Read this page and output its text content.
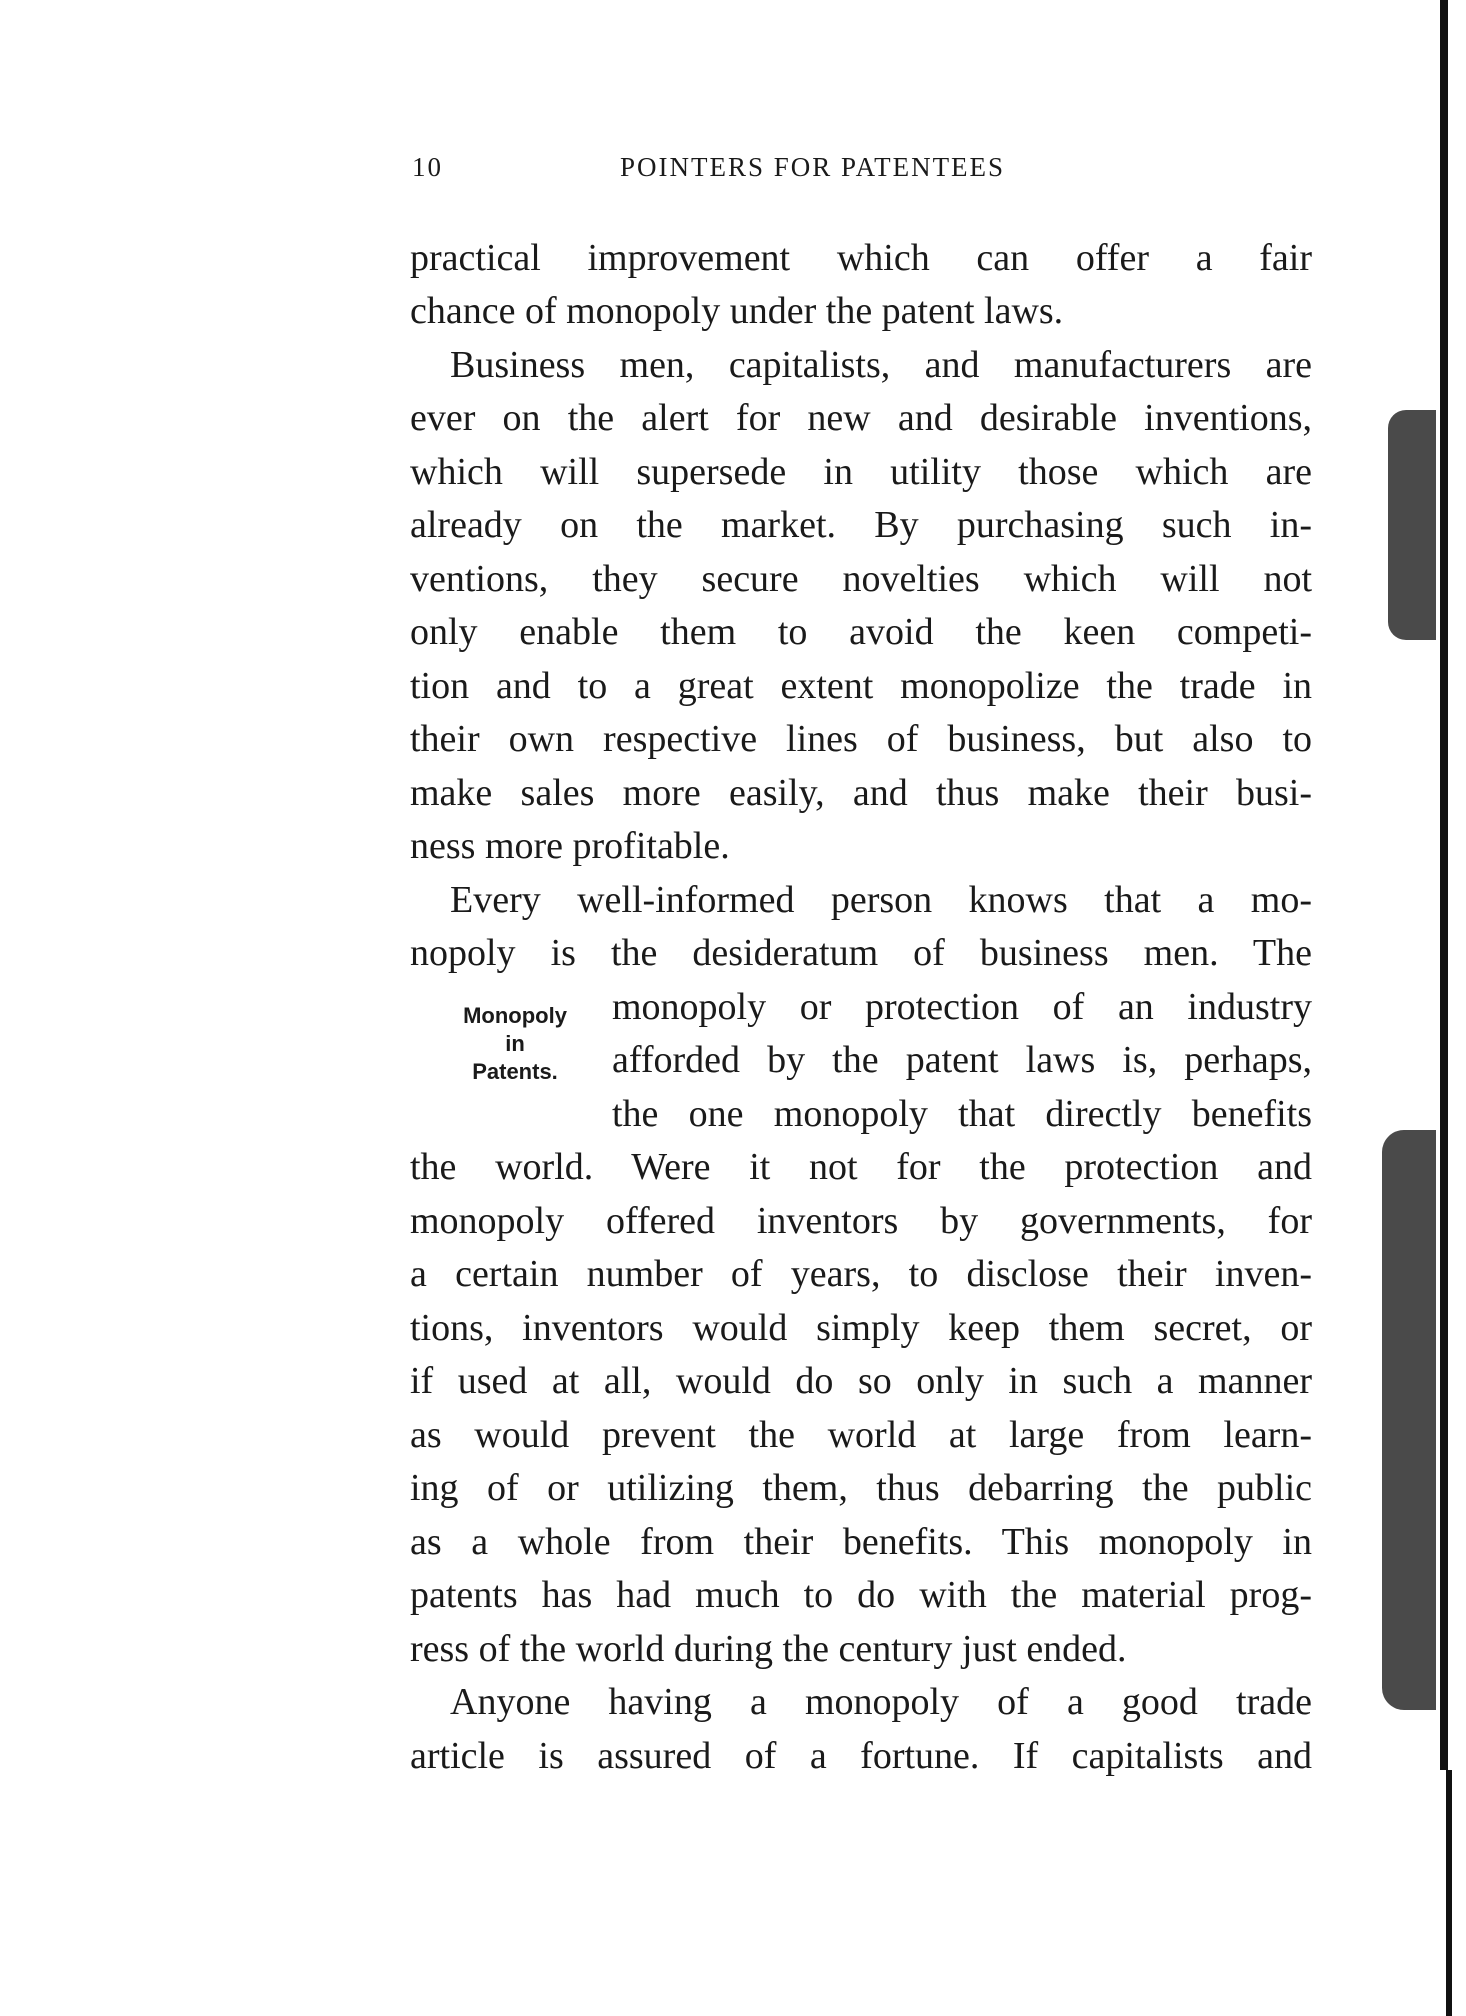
10	POINTERS FOR PATENTEES
Monopoly
in
Patents.
practical improvement which can offer a fair
chance of monopoly under the patent laws.
Business men, capitalists, and manufacturers are
ever on the alert for new and desirable inventions,
which will supersede in utility those which are
already on the market. By purchasing such in-
ventions, they secure novelties which will not
only enable them to avoid the keen competi-
tion and to a great extent monopolize the trade in
their own respective lines of business, but also to
make sales more easily, and thus make their busi-
ness more profitable.
Every well-informed person knows that a mo-
nopoly is the desideratum of business men. The
monopoly or protection of an industry
afforded by the patent laws is, perhaps,
the one monopoly that directly benefits
the world. Were it not for the protection and
monopoly offered inventors by governments, for
a certain number of years, to disclose their inven-
tions, inventors would simply keep them secret, or
if used at all, would do so only in such a manner
as would prevent the world at large from learn-
ing of or utilizing them, thus debarring the public
as a whole from their benefits. This monopoly in
patents has had much to do with the material prog-
ress of the world during the century just ended.
Anyone having a monopoly of a good trade
article is assured of a fortune. If capitalists and
